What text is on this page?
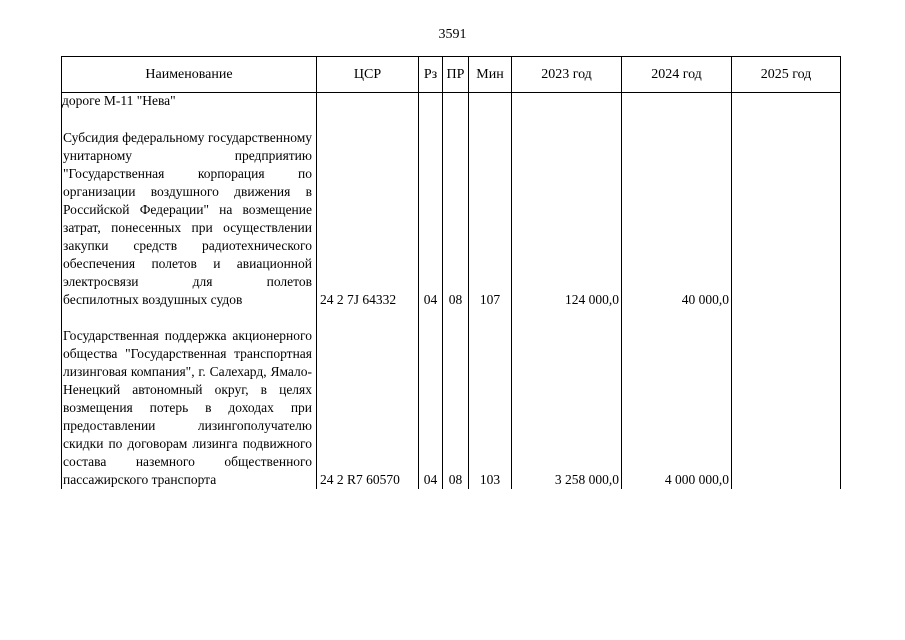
3591
Наименование	ЦСР	Рз	ПР	Мин	2023 год	2024 год	2025 год
дороге М-11 "Нева"							

Субсидия федеральному государственному унитарному предприятию "Государственная корпорация по организации воздушного движения в Российской Федерации" на возмещение затрат, понесенных при осуществлении закупки средств радиотехнического обеспечения полетов и авиационной электросвязи для полетов
беспилотных воздушных судов	24 2 7J 64332	04	08	107	124 000,0	40 000,0	

Государственная поддержка акционерного общества "Государственная транспортная лизинговая компания", г. Салехард, Ямало-Ненецкий автономный округ, в целях возмещения потерь в доходах при предоставлении лизингополучателю скидки по договорам лизинга подвижного состава наземного общественного
пассажирского транспорта	24 2 R7 60570	04	08	103	3 258 000,0	4 000 000,0	
